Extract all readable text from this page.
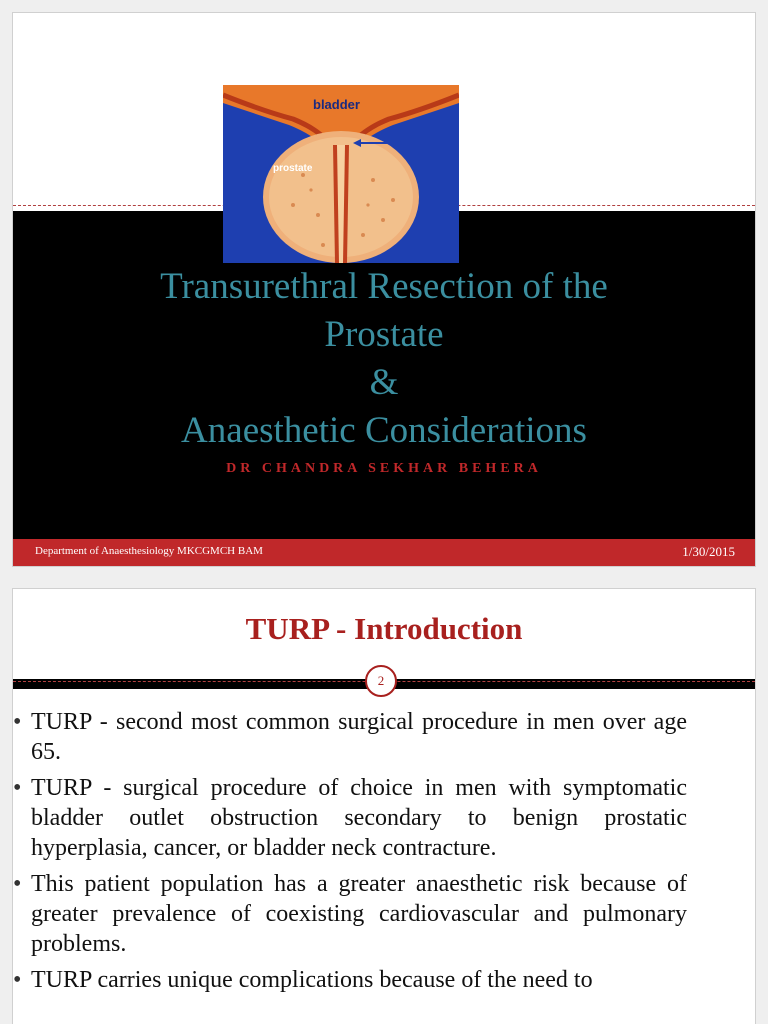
bladder
prostate
Transurethral Resection of the
Prostate
&
Anaesthetic Considerations
DR CHANDRA SEKHAR BEHERA
Department of Anaesthesiology MKCGMCH BAM	1/30/2015
TURP - Introduction
2
• TURP - second most common surgical procedure in men over age 65.
• TURP - surgical procedure of choice in men with symptomatic bladder outlet obstruction secondary to benign prostatic hyperplasia, cancer, or bladder neck contracture.
• This patient population has a greater anaesthetic risk because of greater prevalence of coexisting cardiovascular and pulmonary problems.
• TURP carries unique complications because of the need to
